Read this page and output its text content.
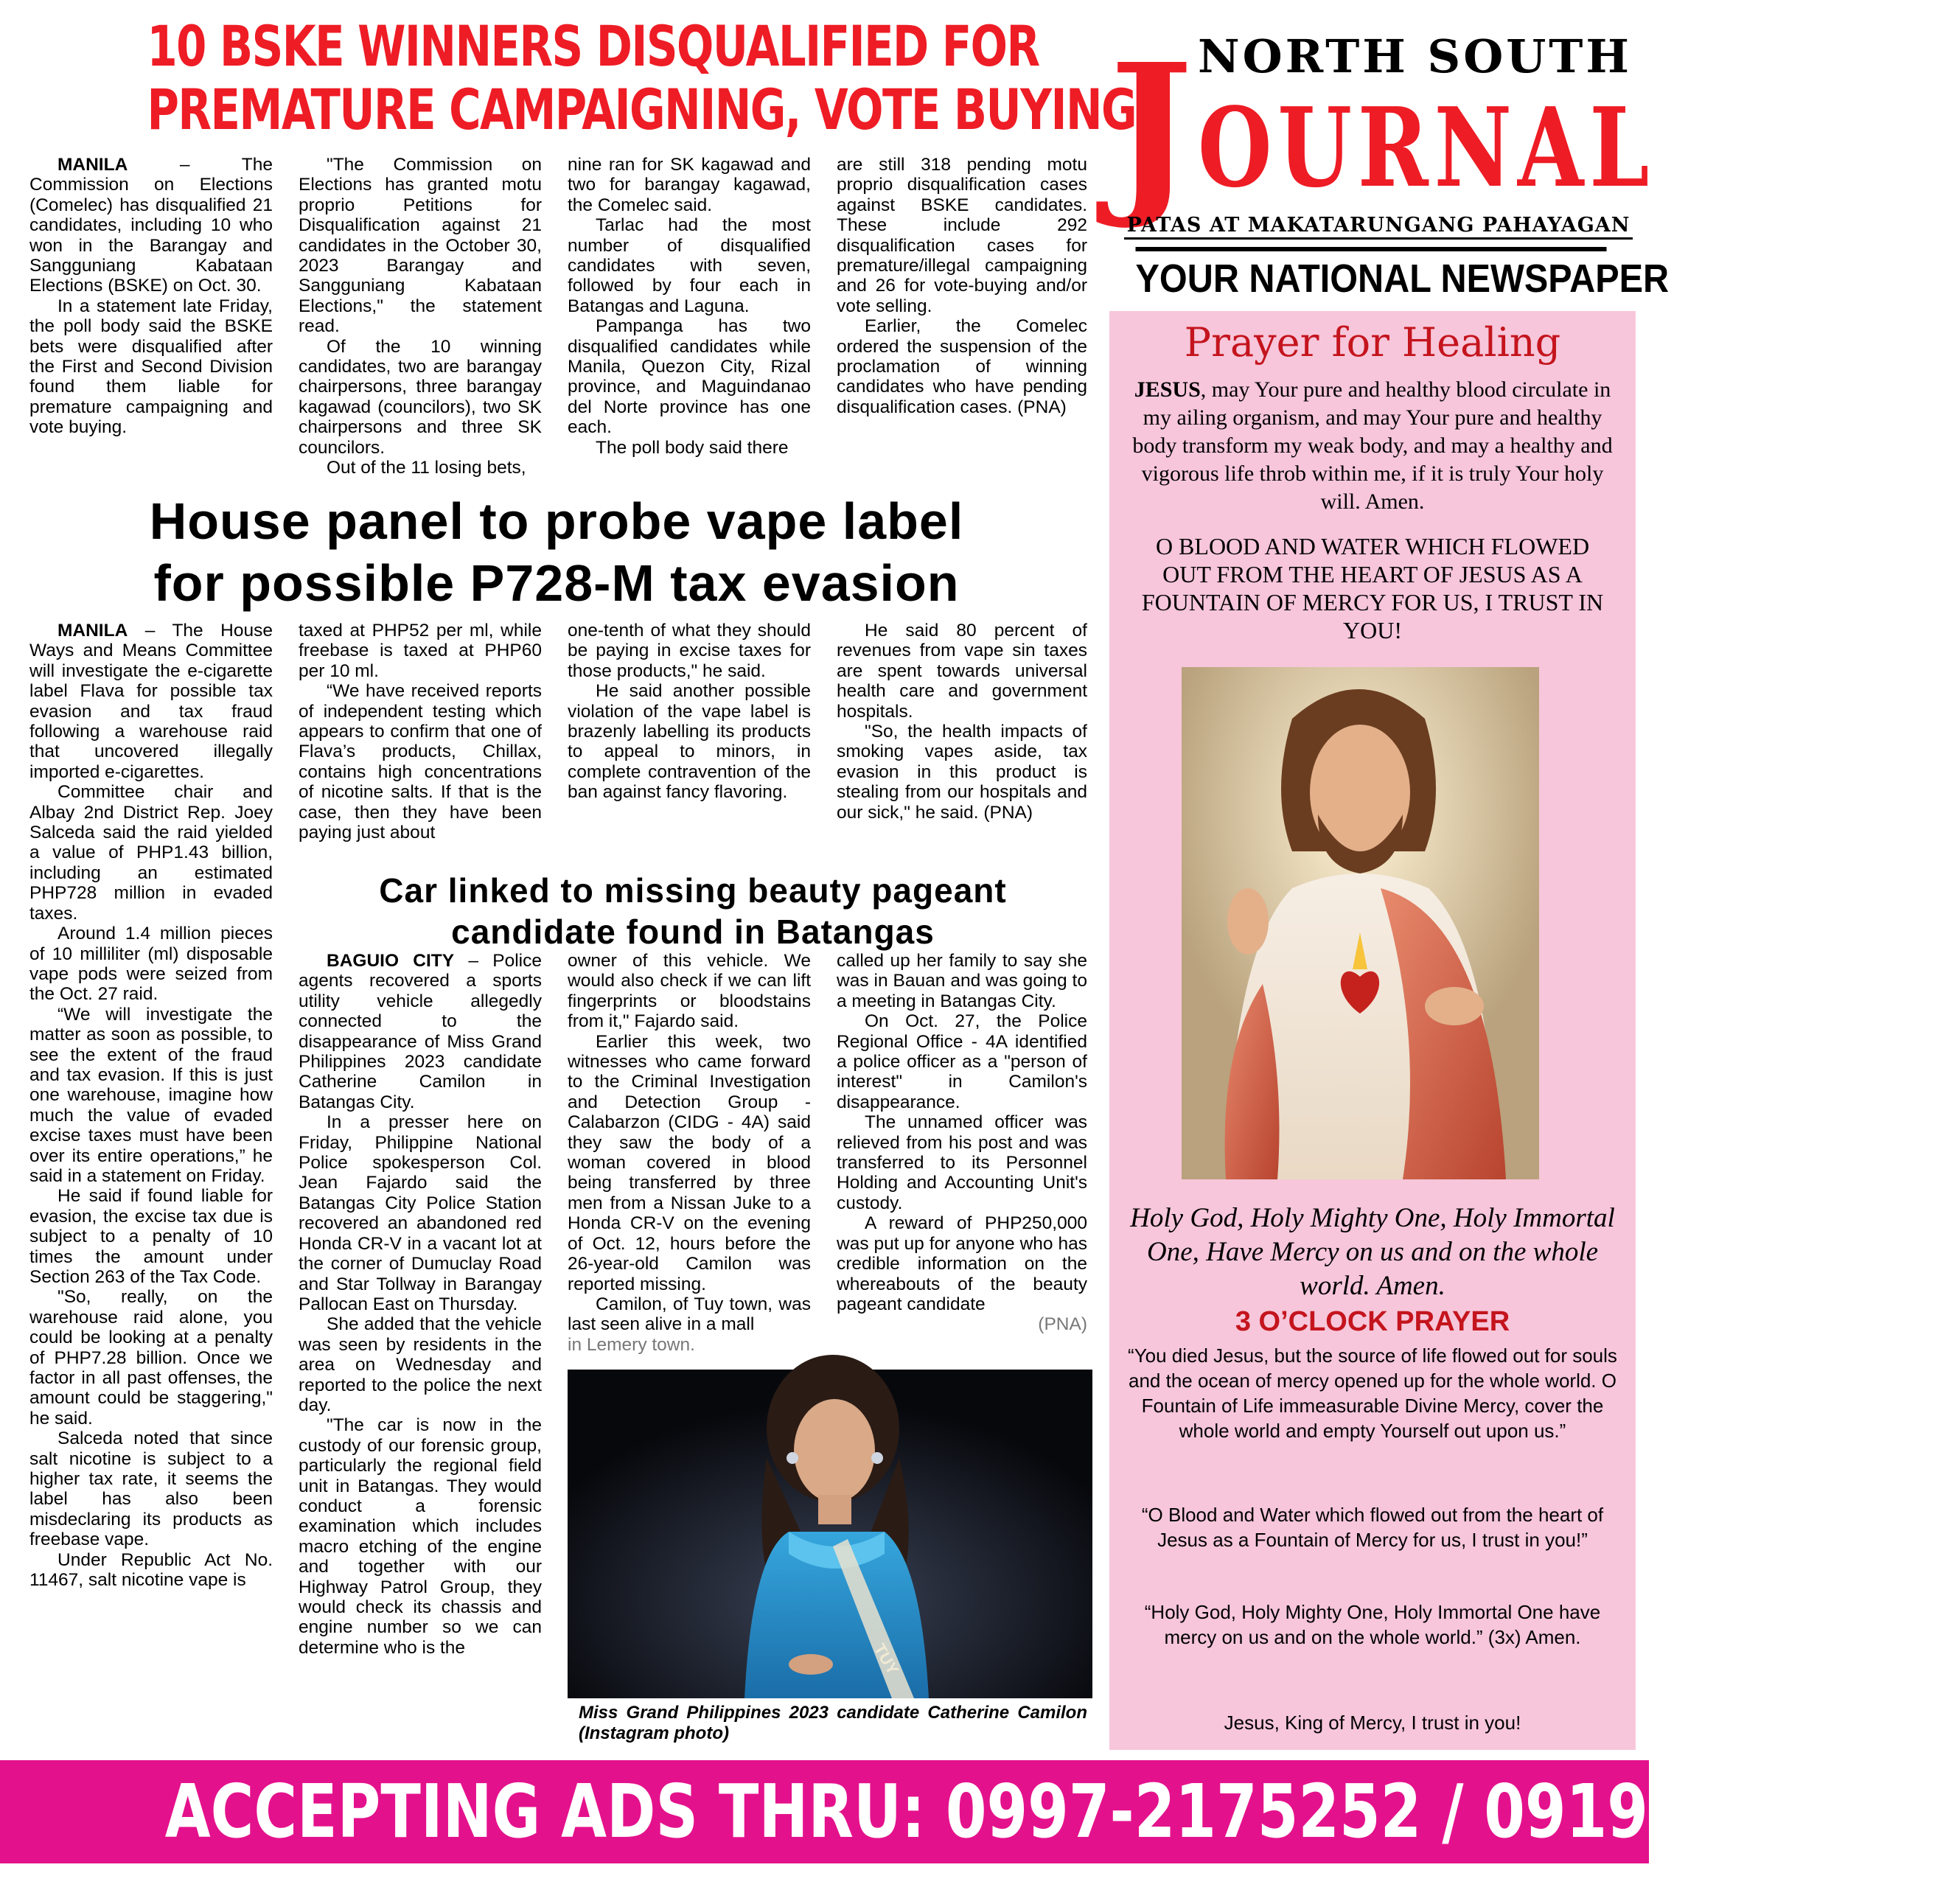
10 BSKE WINNERS DISQUALIFIED FOR
PREMATURE CAMPAIGNING, VOTE BUYING

MANILA – The Commission on Elections (Comelec) has disqualified 21 candidates, including 10 who won in the Barangay and Sangguniang Kabataan Elections (BSKE) on Oct. 30.

In a statement late Friday, the poll body said the BSKE bets were disqualified after the First and Second Division found them liable for premature campaigning and vote buying.

"The Commission on Elections has granted motu proprio Petitions for Disqualification against 21 candidates in the October 30, 2023 Barangay and Sangguniang Kabataan Elections," the statement read.

Of the 10 winning candidates, two are barangay chairpersons, three barangay kagawad (councilors), two SK chairpersons and three SK councilors.

Out of the 11 losing bets,

nine ran for SK kagawad and two for barangay kagawad, the Comelec said.

Tarlac had the most number of disqualified candidates with seven, followed by four each in Batangas and Laguna.

Pampanga has two disqualified candidates while Manila, Quezon City, Rizal province, and Maguindanao del Norte province has one each.

The poll body said there

are still 318 pending motu proprio disqualification cases against BSKE candidates. These include 292 disqualification cases for premature/illegal campaigning and 26 for vote-buying and/or vote selling.

Earlier, the Comelec ordered the suspension of the proclamation of winning candidates who have pending disqualification cases. (PNA)

House panel to probe vape label
for possible P728-M tax evasion

MANILA – The House Ways and Means Committee will investigate the e-cigarette label Flava for possible tax evasion and tax fraud following a warehouse raid that uncovered illegally imported e-cigarettes.

Committee chair and Albay 2nd District Rep. Joey Salceda said the raid yielded a value of PHP1.43 billion, including an estimated PHP728 million in evaded taxes.

Around 1.4 million pieces of 10 milliliter (ml) disposable vape pods were seized from the Oct. 27 raid.

“We will investigate the matter as soon as possible, to see the extent of the fraud and tax evasion. If this is just one warehouse, imagine how much the value of evaded excise taxes must have been over its entire operations,” he said in a statement on Friday.

He said if found liable for evasion, the excise tax due is subject to a penalty of 10 times the amount under Section 263 of the Tax Code.

"So, really, on the warehouse raid alone, you could be looking at a penalty of PHP7.28 billion. Once we factor in all past offenses, the amount could be staggering," he said.

Salceda noted that since salt nicotine is subject to a higher tax rate, it seems the label has also been misdeclaring its products as freebase vape.

Under Republic Act No. 11467, salt nicotine vape is

taxed at PHP52 per ml, while freebase is taxed at PHP60 per 10 ml.

“We have received reports of independent testing which appears to confirm that one of Flava’s products, Chillax, contains high concentrations of nicotine salts. If that is the case, then they have been paying just about

one-tenth of what they should be paying in excise taxes for those products," he said.

He said another possible violation of the vape label is brazenly labelling its products to appeal to minors, in complete contravention of the ban against fancy flavoring.

He said 80 percent of revenues from vape sin taxes are spent towards universal health care and government hospitals.

"So, the health impacts of smoking vapes aside, tax evasion in this product is stealing from our hospitals and our sick," he said. (PNA)

Car linked to missing beauty pageant
candidate found in Batangas

BAGUIO CITY – Police agents recovered a sports utility vehicle allegedly connected to the disappearance of Miss Grand Philippines 2023 candidate Catherine Camilon in Batangas City.

In a presser here on Friday, Philippine National Police spokesperson Col. Jean Fajardo said the Batangas City Police Station recovered an abandoned red Honda CR-V in a vacant lot at the corner of Dumuclay Road and Star Tollway in Barangay Pallocan East on Thursday.

She added that the vehicle was seen by residents in the area on Wednesday and reported to the police the next day.

"The car is now in the custody of our forensic group, particularly the regional field unit in Batangas. They would conduct a forensic examination which includes macro etching of the engine and together with our Highway Patrol Group, they would check its chassis and engine number so we can determine who is the

owner of this vehicle. We would also check if we can lift fingerprints or bloodstains from it," Fajardo said.

Earlier this week, two witnesses who came forward to the Criminal Investigation and Detection Group - Calabarzon (CIDG - 4A) said they saw the body of a woman covered in blood being transferred by three men from a Nissan Juke to a Honda CR-V on the evening of Oct. 12, hours before the 26-year-old Camilon was reported missing.

Camilon, of Tuy town, was last seen alive in a mall

in Lemery town.

called up her family to say she was in Bauan and was going to a meeting in Batangas City.

On Oct. 27, the Police Regional Office - 4A identified a police officer as a "person of interest" in Camilon's disappearance.

The unnamed officer was relieved from his post and was transferred to its Personnel Holding and Accounting Unit's custody.

A reward of PHP250,000 was put up for anyone who has credible information on the whereabouts of the beauty pageant candidate

(PNA)

TUY
Miss Grand Philippines 2023 candidate Catherine Camilon (Instagram photo)
NORTH SOUTH
J OURNAL
PATAS AT MAKATARUNGANG PAHAYAGAN
YOUR NATIONAL NEWSPAPER
Prayer for Healing
JESUS, may Your pure and healthy blood circulate in my ailing organism, and may Your pure and healthy body transform my weak body, and may a healthy and vigorous life throb within me, if it is truly Your holy will. Amen.
O BLOOD AND WATER WHICH FLOWED OUT FROM THE HEART OF JESUS AS A FOUNTAIN OF MERCY FOR US, I TRUST IN YOU!
Holy God, Holy Mighty One, Holy Immortal One, Have Mercy on us and on the whole world. Amen.
3 O’CLOCK PRAYER
“You died Jesus, but the source of life flowed out for souls and the ocean of mercy opened up for the whole world. O Fountain of Life immeasurable Divine Mercy, cover the whole world and empty Yourself out upon us.”
“O Blood and Water which flowed out from the heart of Jesus as a Fountain of Mercy for us, I trust in you!”
“Holy God, Holy Mighty One, Holy Immortal One have mercy on us and on the whole world.” (3x) Amen.
Jesus, King of Mercy, I trust in you!
ACCEPTING ADS THRU: 0997-2175252 / 0919-0022698
